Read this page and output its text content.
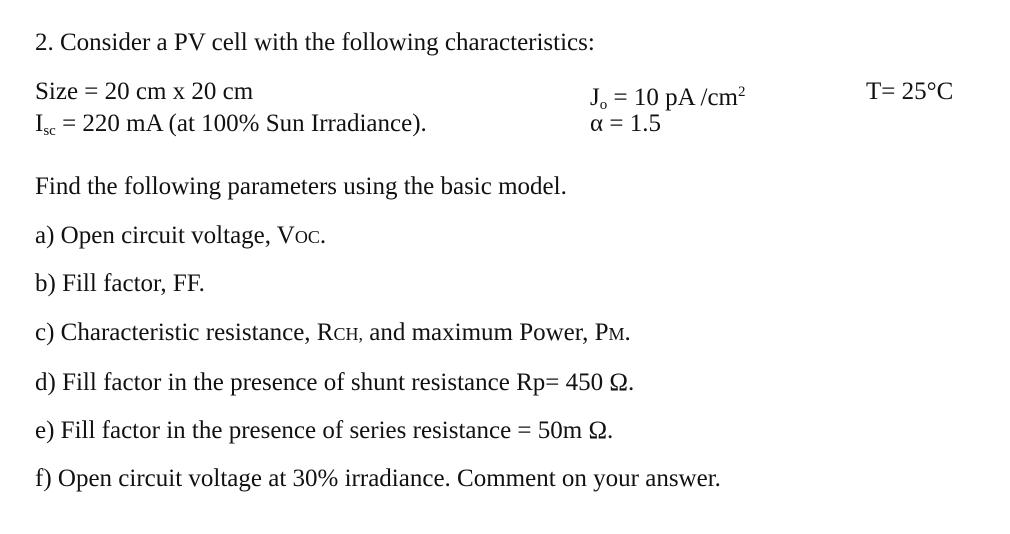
2. Consider a PV cell with the following characteristics:
Size = 20 cm x 20 cm
$I_{sc} = 220$ mA (at 100% Sun Irradiance).
$J_o = 10$ pA $/cm^2$
α = 1.5
T= 25°C
Find the following parameters using the basic model.
a) Open circuit voltage, VOC.
b) Fill factor, FF.
c) Characteristic resistance, RCH, and maximum Power, PM.
d) Fill factor in the presence of shunt resistance Rp= 450 Ω.
e) Fill factor in the presence of series resistance = 50m Ω.
f) Open circuit voltage at 30% irradiance. Comment on your answer.
